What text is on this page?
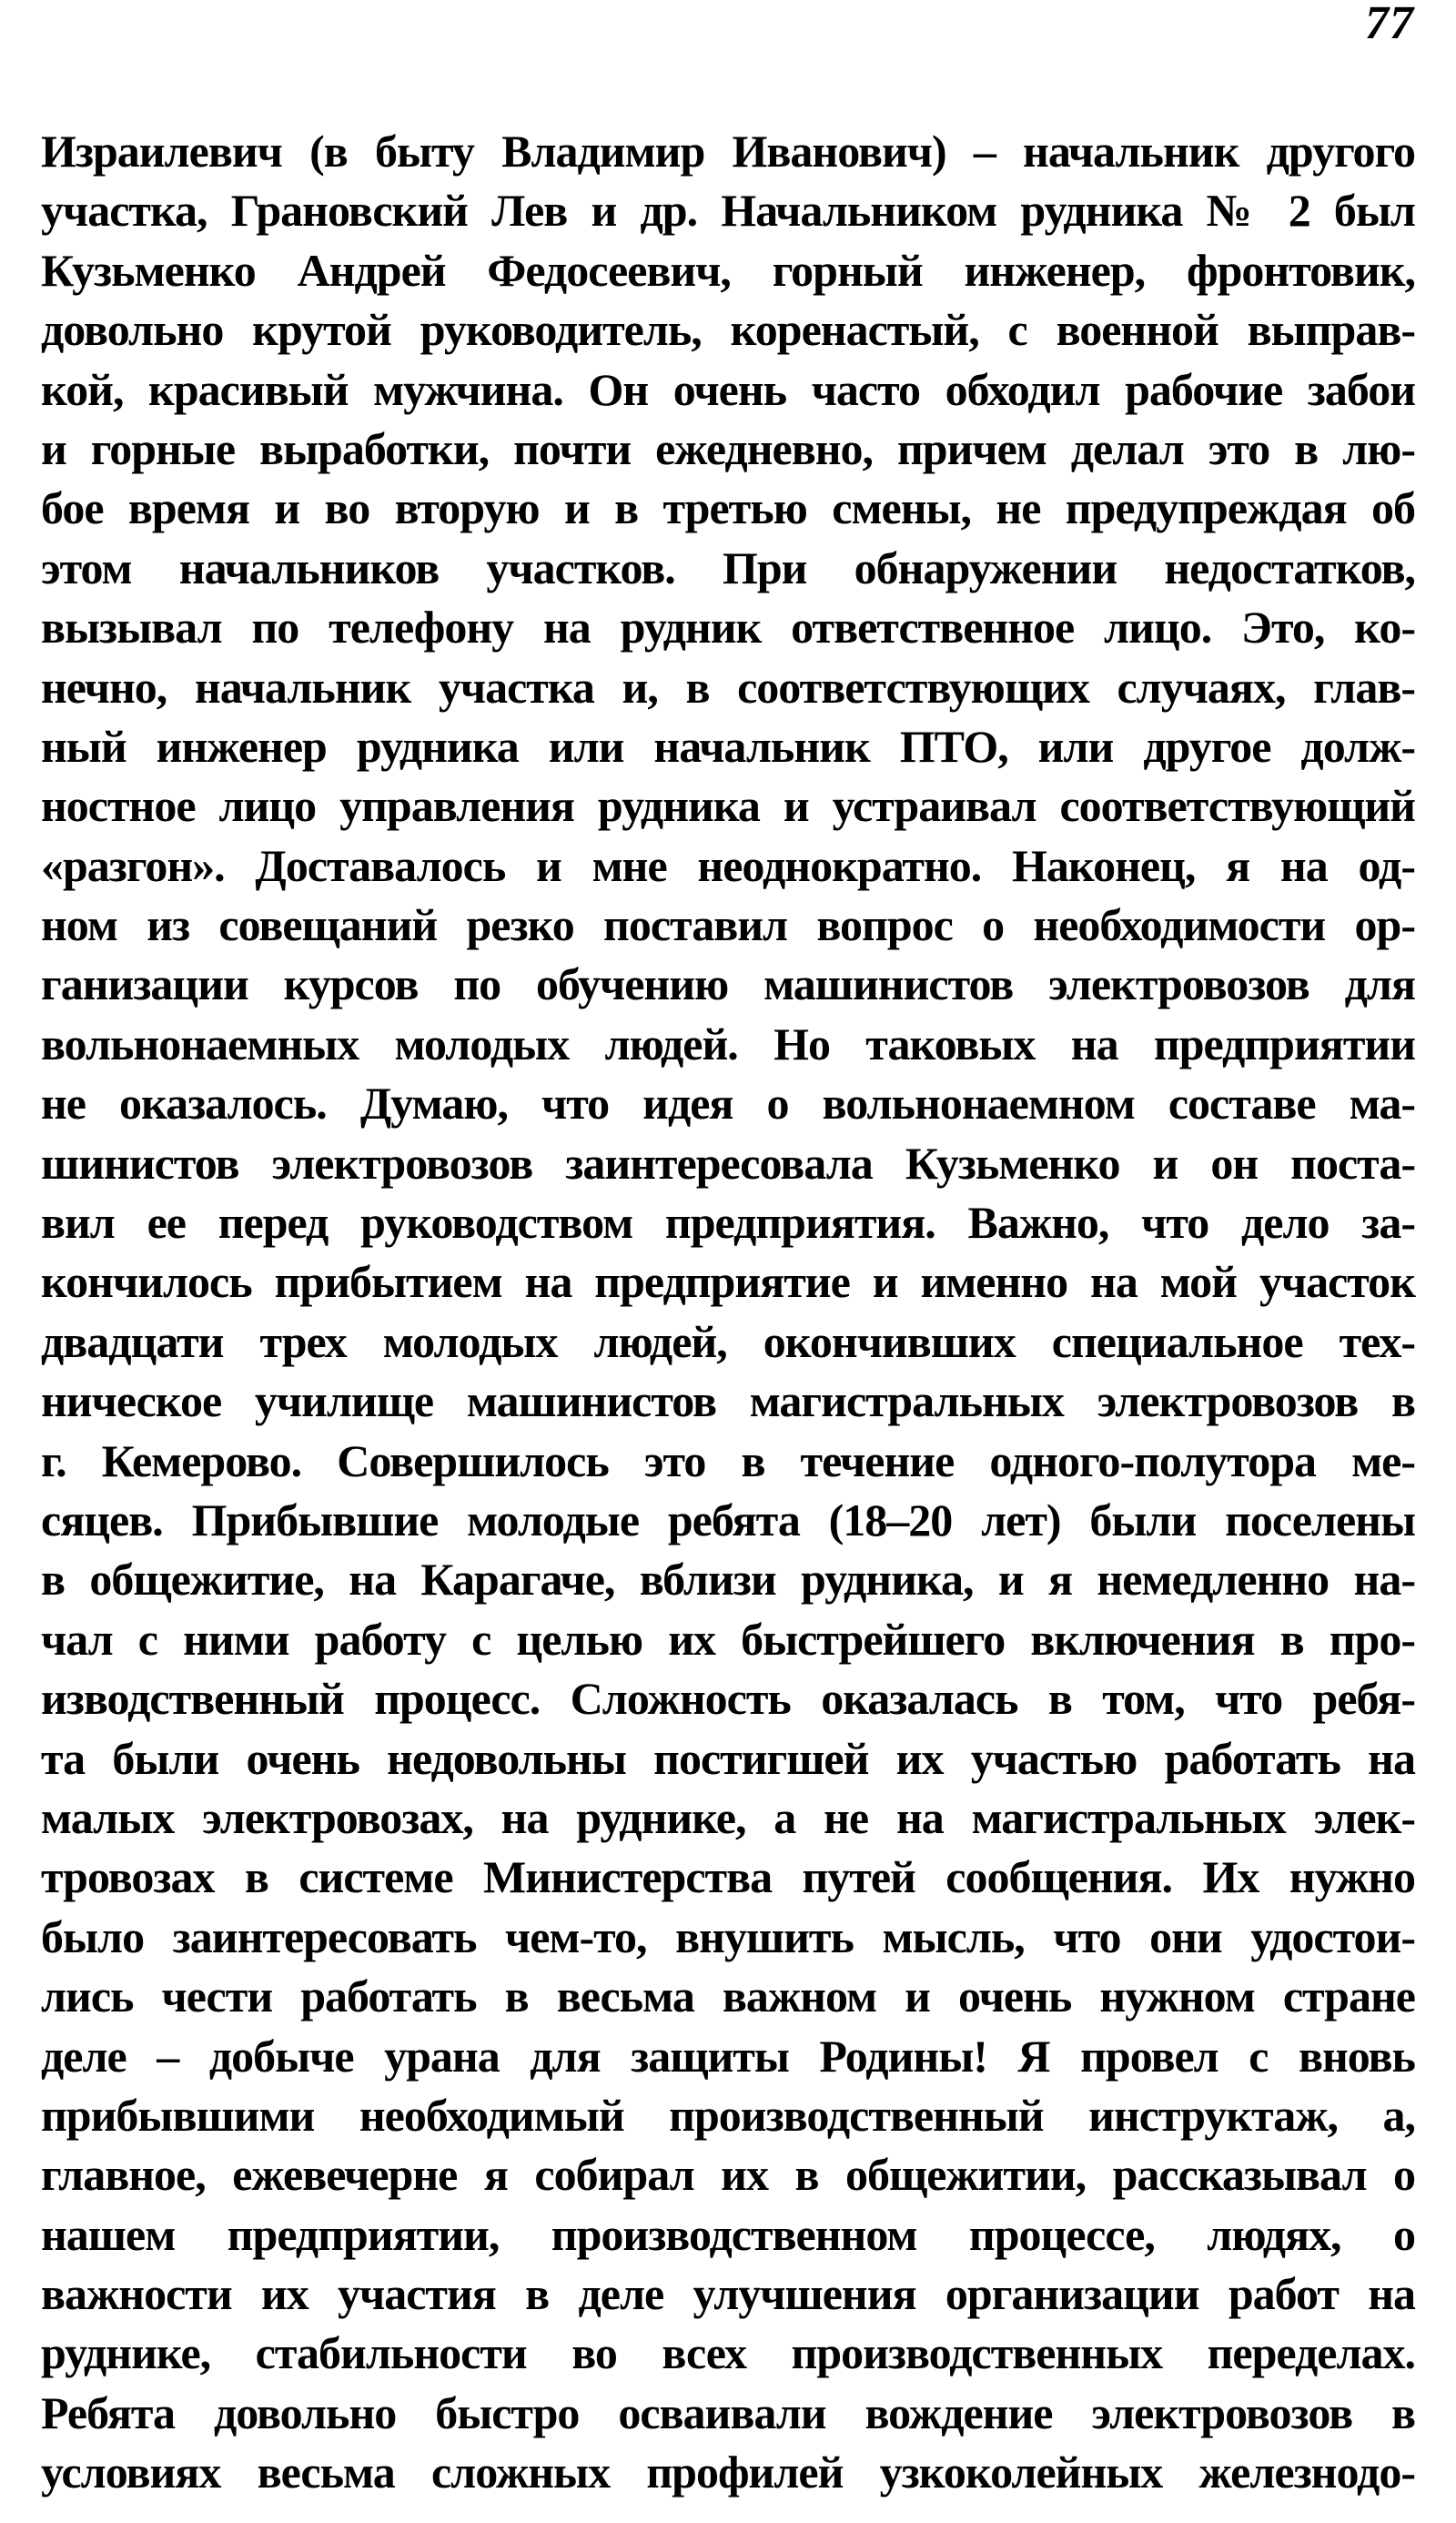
77
Израилевич (в быту Владимир Иванович) – начальник другого
участка, Грановский Лев и др. Начальником рудника № 2 был
Кузьменко Андрей Федосеевич, горный инженер, фронтовик,
довольно крутой руководитель, коренастый, с военной выправ-
кой, красивый мужчина. Он очень часто обходил рабочие забои
и горные выработки, почти ежедневно, причем делал это в лю-
бое время и во вторую и в третью смены, не предупреждая об
этом начальников участков. При обнаружении недостатков,
вызывал по телефону на рудник ответственное лицо. Это, ко-
нечно, начальник участка и, в соответствующих случаях, глав-
ный инженер рудника или начальник ПТО, или другое долж-
ностное лицо управления рудника и устраивал соответствующий
«разгон». Доставалось и мне неоднократно. Наконец, я на од-
ном из совещаний резко поставил вопрос о необходимости ор-
ганизации курсов по обучению машинистов электровозов для
вольнонаемных молодых людей. Но таковых на предприятии
не оказалось. Думаю, что идея о вольнонаемном составе ма-
шинистов электровозов заинтересовала Кузьменко и он поста-
вил ее перед руководством предприятия. Важно, что дело за-
кончилось прибытием на предприятие и именно на мой участок
двадцати трех молодых людей, окончивших специальное тех-
ническое училище машинистов магистральных электровозов в
г. Кемерово. Совершилось это в течение одного-полутора ме-
сяцев. Прибывшие молодые ребята (18–20 лет) были поселены
в общежитие, на Карагаче, вблизи рудника, и я немедленно на-
чал с ними работу с целью их быстрейшего включения в про-
изводственный процесс. Сложность оказалась в том, что ребя-
та были очень недовольны постигшей их участью работать на
малых электровозах, на руднике, а не на магистральных элек-
тровозах в системе Министерства путей сообщения. Их нужно
было заинтересовать чем-то, внушить мысль, что они удостои-
лись чести работать в весьма важном и очень нужном стране
деле – добыче урана для защиты Родины! Я провел с вновь
прибывшими необходимый производственный инструктаж, а,
главное, ежевечерне я собирал их в общежитии, рассказывал о
нашем предприятии, производственном процессе, людях, о
важности их участия в деле улучшения организации работ на
руднике, стабильности во всех производственных переделах.
Ребята довольно быстро осваивали вождение электровозов в
условиях весьма сложных профилей узкоколейных железнодо-
